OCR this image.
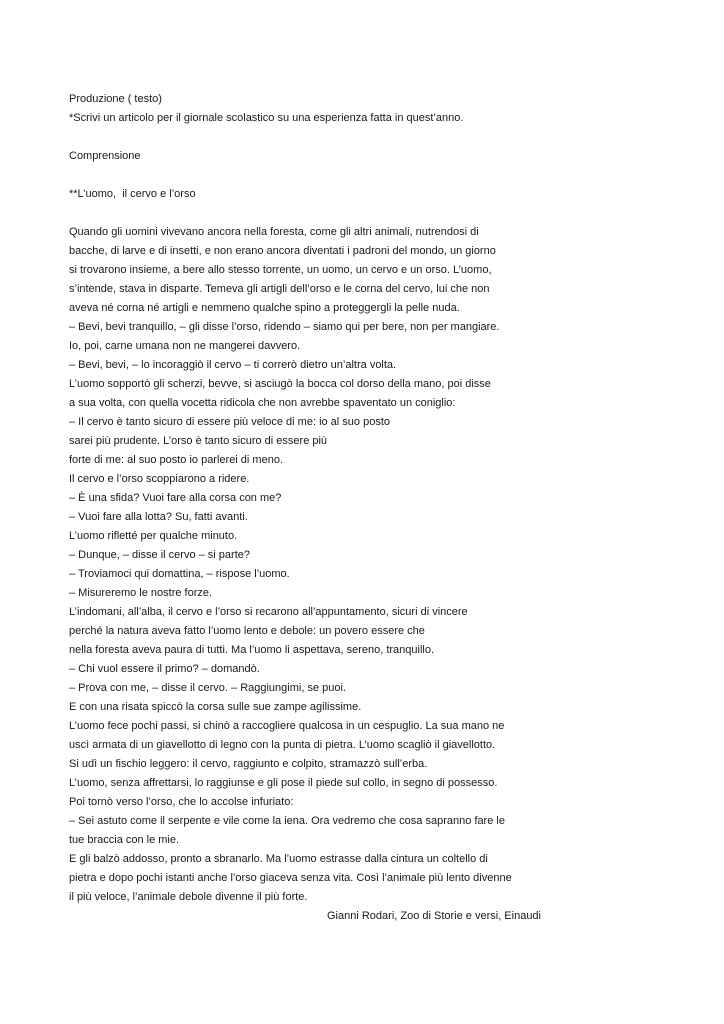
Produzione ( testo)
*Scrivi un articolo per il giornale scolastico su una esperienza fatta in quest’anno.
Comprensione
**L’uomo,  il cervo e l’orso
Quando gli uomini vivevano ancora nella foresta, come gli altri animali, nutrendosi di
bacche, di larve e di insetti, e non erano ancora diventati i padroni del mondo, un giorno
si trovarono insieme, a bere allo stesso torrente, un uomo, un cervo e un orso. L’uomo,
s’intende, stava in disparte. Temeva gli artigli dell’orso e le corna del cervo, lui che non
aveva né corna né artigli e nemmeno qualche spino a proteggergli la pelle nuda.
– Bevi, bevi tranquillo, – gli disse l’orso, ridendo – siamo qui per bere, non per mangiare.
Io, poi, carne umana non ne mangerei davvero.
– Bevi, bevi, – lo incoraggiò il cervo – ti correrò dietro un’altra volta.
L’uomo sopportò gli scherzi, bevve, si asciugò la bocca col dorso della mano, poi disse
a sua volta, con quella vocetta ridicola che non avrebbe spaventato un coniglio:
– Il cervo è tanto sicuro di essere più veloce di me: io al suo posto
sarei più prudente. L’orso è tanto sicuro di essere più
forte di me: al suo posto io parlerei di meno.
Il cervo e l’orso scoppiarono a ridere.
– È una sfida? Vuoi fare alla corsa con me?
– Vuoi fare alla lotta? Su, fatti avanti.
L’uomo rifletté per qualche minuto.
– Dunque, – disse il cervo – si parte?
– Troviamoci qui domattina, – rispose l’uomo.
– Misureremo le nostre forze.
L’indomani, all’alba, il cervo e l’orso si recarono all’appuntamento, sicuri di vincere
perché la natura aveva fatto l’uomo lento e debole: un povero essere che
nella foresta aveva paura di tutti. Ma l’uomo li aspettava, sereno, tranquillo.
– Chi vuol essere il primo? – domandò.
– Prova con me, – disse il cervo. – Raggiungimi, se puoi.
E con una risata spiccò la corsa sulle sue zampe agilissime.
L’uomo fece pochi passi, si chinò a raccogliere qualcosa in un cespuglio. La sua mano ne
uscì armata di un giavellotto di legno con la punta di pietra. L’uomo scagliò il giavellotto.
Si udì un fischio leggero: il cervo, raggiunto e colpito, stramazzò sull’erba.
L’uomo, senza affrettarsi, lo raggiunse e gli pose il piede sul collo, in segno di possesso.
Poi tornò verso l’orso, che lo accolse infuriato:
– Sei astuto come il serpente e vile come la iena. Ora vedremo che cosa sapranno fare le
tue braccia con le mie.
E gli balzò addosso, pronto a sbranarlo. Ma l’uomo estrasse dalla cintura un coltello di
pietra e dopo pochi istanti anche l’orso giaceva senza vita. Così l’animale più lento divenne
il più veloce, l’animale debole divenne il più forte.
Gianni Rodari, Zoo di Storie e versi, Einaudi
